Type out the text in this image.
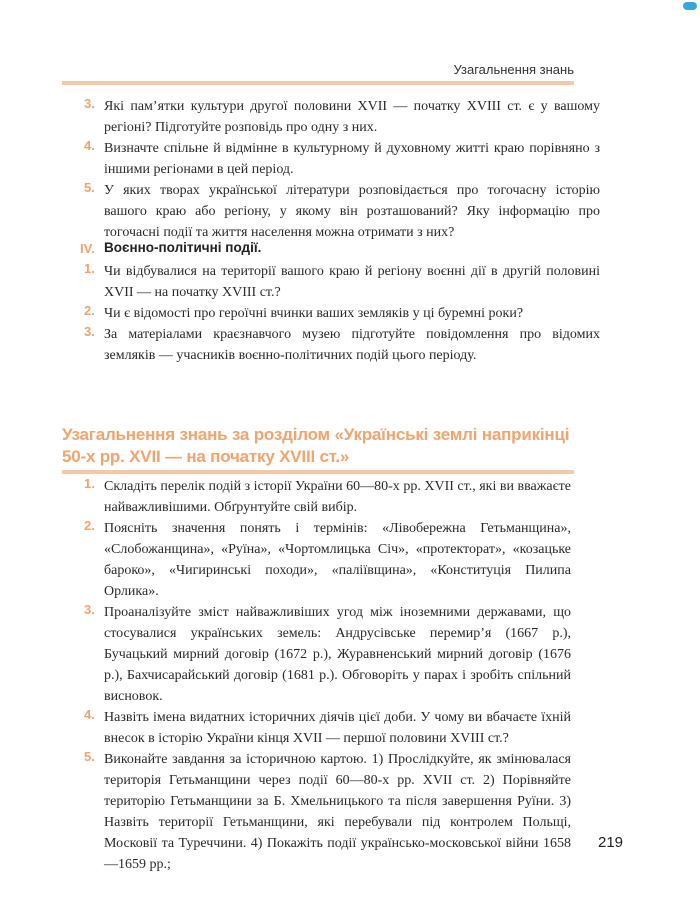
Узагальнення знань
3. Які пам’ятки культури другої половини XVII — початку XVIII ст. є у вашому регіоні? Підготуйте розповідь про одну з них.
4. Визначте спільне й відмінне в культурному й духовному житті краю порівняно з іншими регіонами в цей період.
5. У яких творах української літератури розповідається про тогочасну історію вашого краю або регіону, у якому він розташований? Яку інформацію про тогочасні події та життя населення можна отримати з них?
IV. Воєнно-політичні події.
1. Чи відбувалися на території вашого краю й регіону воєнні дії в другій половині XVII — на початку XVIII ст.?
2. Чи є відомості про героїчні вчинки ваших земляків у ці буремні роки?
3. За матеріалами краєзнавчого музею підготуйте повідомлення про відомих земляків — учасників воєнно-політичних подій цього періоду.
Узагальнення знань за розділом «Українські землі наприкінці 50-х рр. XVII — на початку XVIII ст.»
1. Складіть перелік подій з історії України 60—80-х рр. XVII ст., які ви вважаєте найважливішими. Обґрунтуйте свій вибір.
2. Поясніть значення понять і термінів: «Лівобережна Гетьманщина», «Слобожанщина», «Руїна», «Чортомлицька Січ», «протекторат», «козацьке бароко», «Чигиринські походи», «паліївщина», «Конституція Пилипа Орлика».
3. Проаналізуйте зміст найважливіших угод між іноземними державами, що стосувалися українських земель: Андрусівське перемир’я (1667 р.), Бучацький мирний договір (1672 р.), Журавненський мирний договір (1676 р.), Бахчисарайський договір (1681 р.). Обговоріть у парах і зробіть спільний висновок.
4. Назвіть імена видатних історичних діячів цієї доби. У чому ви вбачаєте їхній внесок в історію України кінця XVII — першої половини XVIII ст.?
5. Виконайте завдання за історичною картою. 1) Прослідкуйте, як змінювалася територія Гетьманщини через події 60—80-х рр. XVII ст. 2) Порівняйте територію Гетьманщини за Б. Хмельницького та після завершення Руїни. 3) Назвіть території Гетьманщини, які перебували під контролем Польщі, Московії та Туреччини. 4) Покажіть події українсько-московської війни 1658—1659 рр.;
219
